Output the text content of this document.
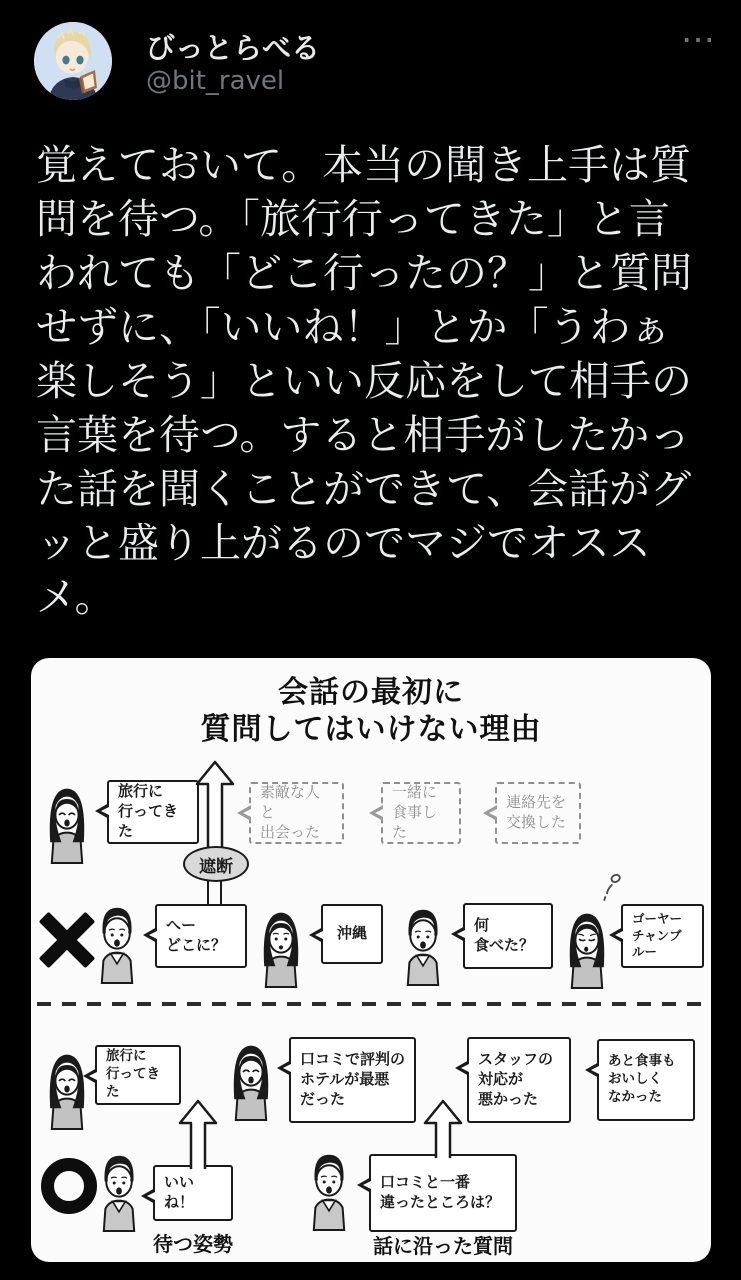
びっとらべる
@bit_ravel
⋯
覚えておいて。本当の聞き上手は質問を待つ。「旅行行ってきた」と言われても「どこ行ったの？」と質問せずに、「いいね！」とか「うわぁ楽しそう」といい反応をして相手の言葉を待つ。すると相手がしたかった話を聞くことができて、会話がグッと盛り上がるのでマジでオススメ。
会話の最初に
質問してはいけない理由
旅行に
行ってきた
素敵な人と
出会った
一緒に
食事した
連絡先を
交換した
遮断
へー
どこに？
沖縄	何
食べた？
ゴーヤー
チャンブルー
旅行に
行ってきた
口コミで評判の
ホテルが最悪
だった
スタッフの
対応が
悪かった
あと食事も
おいしく
なかった
いいね！
口コミと一番
違ったところは？
待つ姿勢	話に沿った質問
